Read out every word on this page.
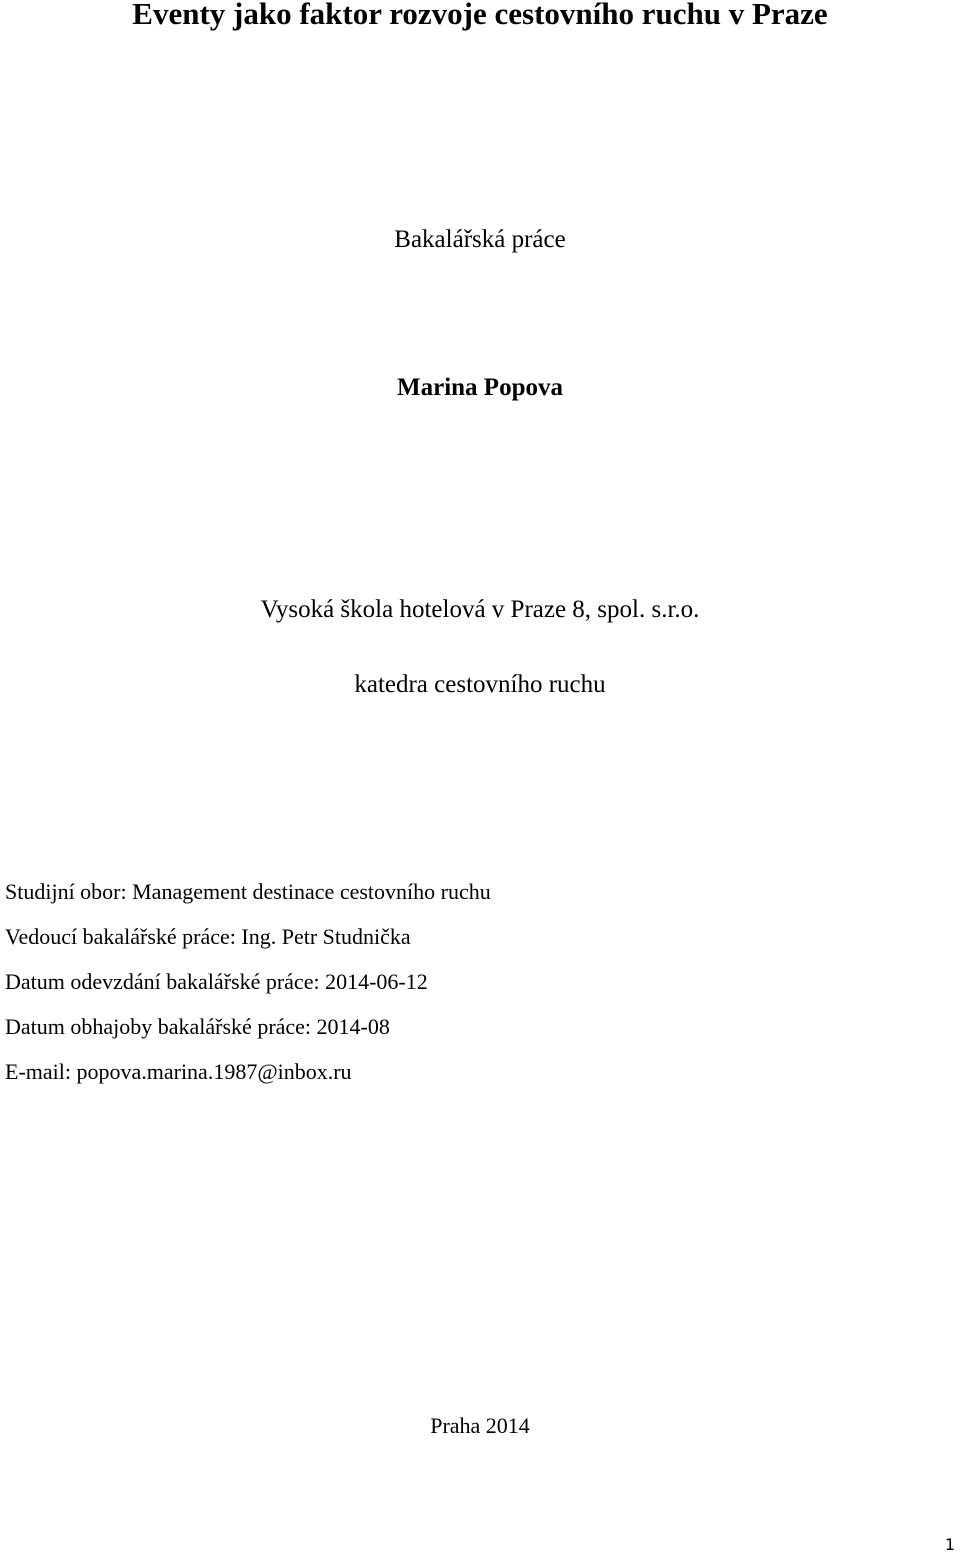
Eventy jako faktor rozvoje cestovního ruchu v Praze

Bakalářská práce

Marina Popova

Vysoká škola hotelová v Praze 8, spol. s.r.o.

katedra cestovního ruchu

Studijní obor: Management destinace cestovního ruchu

Vedoucí bakalářské práce: Ing. Petr Studnička

Datum odevzdání bakalářské práce: 2014-06-12

Datum obhajoby bakalářské práce: 2014-08

E-mail: popova.marina.1987@inbox.ru

Praha 2014

1
